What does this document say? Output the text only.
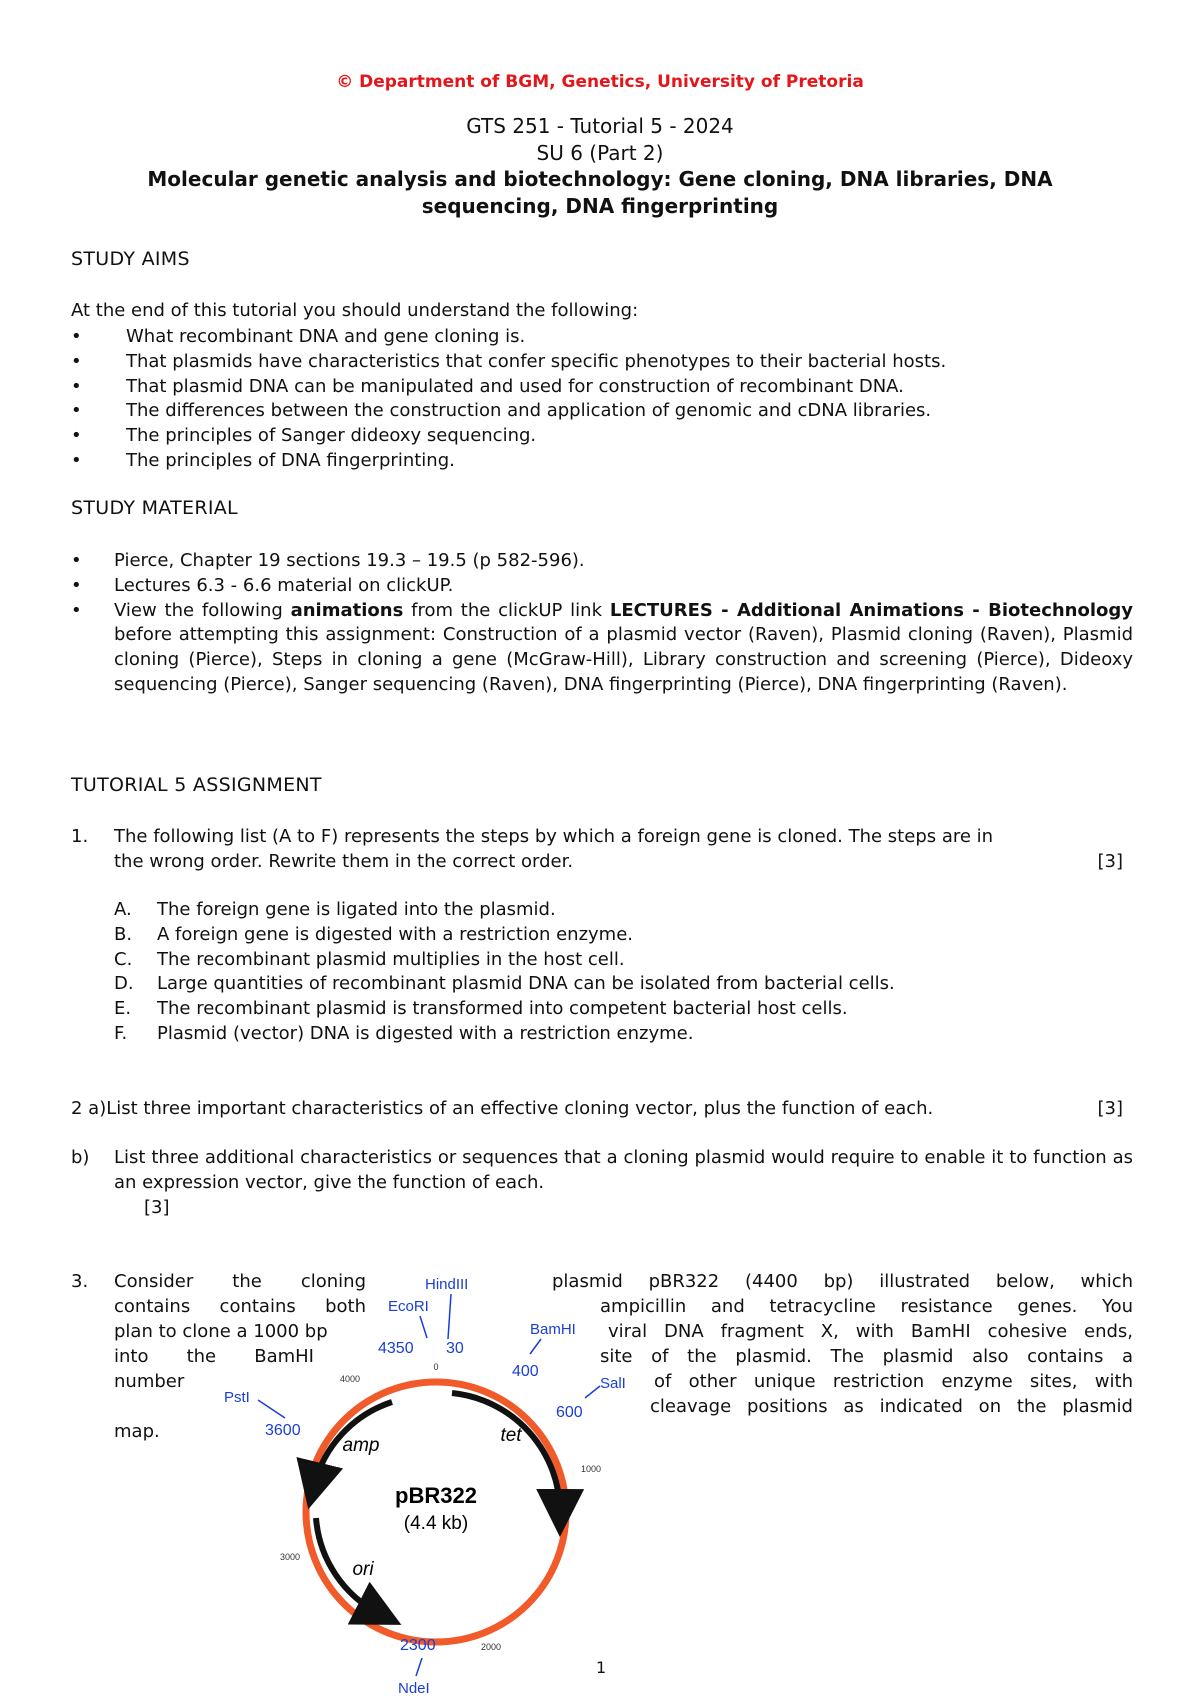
© Department of BGM, Genetics, University of Pretoria
GTS 251 - Tutorial 5 - 2024
SU 6 (Part 2)
Molecular genetic analysis and biotechnology: Gene cloning, DNA libraries, DNA sequencing, DNA fingerprinting
STUDY AIMS
At the end of this tutorial you should understand the following:
• What recombinant DNA and gene cloning is.
• That plasmids have characteristics that confer specific phenotypes to their bacterial hosts.
• That plasmid DNA can be manipulated and used for construction of recombinant DNA.
• The differences between the construction and application of genomic and cDNA libraries.
• The principles of Sanger dideoxy sequencing.
• The principles of DNA fingerprinting.
STUDY MATERIAL
• Pierce, Chapter 19 sections 19.3 – 19.5 (p 582-596).
• Lectures 6.3 - 6.6 material on clickUP.
• View the following animations from the clickUP link LECTURES - Additional Animations - Biotechnology before attempting this assignment: Construction of a plasmid vector (Raven), Plasmid cloning (Raven), Plasmid cloning (Pierce), Steps in cloning a gene (McGraw-Hill), Library construction and screening (Pierce), Dideoxy sequencing (Pierce), Sanger sequencing (Raven), DNA fingerprinting (Pierce), DNA fingerprinting (Raven).
TUTORIAL 5 ASSIGNMENT
1. The following list (A to F) represents the steps by which a foreign gene is cloned. The steps are in
the wrong order. Rewrite them in the correct order.	[3]
A. The foreign gene is ligated into the plasmid.
B. A foreign gene is digested with a restriction enzyme.
C. The recombinant plasmid multiplies in the host cell.
D. Large quantities of recombinant plasmid DNA can be isolated from bacterial cells.
E. The recombinant plasmid is transformed into competent bacterial host cells.
F. Plasmid (vector) DNA is digested with a restriction enzyme.
2 a)List three important characteristics of an effective cloning vector, plus the function of each.	[3]
b)	List three additional characteristics or sequences that a cloning plasmid would require to enable it to function as an expression vector, give the function of each.
[3]
3.	Consider the cloning
contains contains both
plan to clone a 1000 bp
into the BamHI
number
map.
plasmid pBR322 (4400 bp) illustrated below, which
ampicillin and tetracycline resistance genes. You
viral DNA fragment X, with BamHI cohesive ends,
site of the plasmid. The plasmid also contains a
of other unique restriction enzyme sites, with
cleavage positions as indicated on the plasmid
pBR322
(4.4 kb)
amp	tet
ori
0
1000
2000
3000
4000
HindIII
30
EcoRI
4350
BamHI
400
SalI
600
PstI
3600
2300
NdeI
1
